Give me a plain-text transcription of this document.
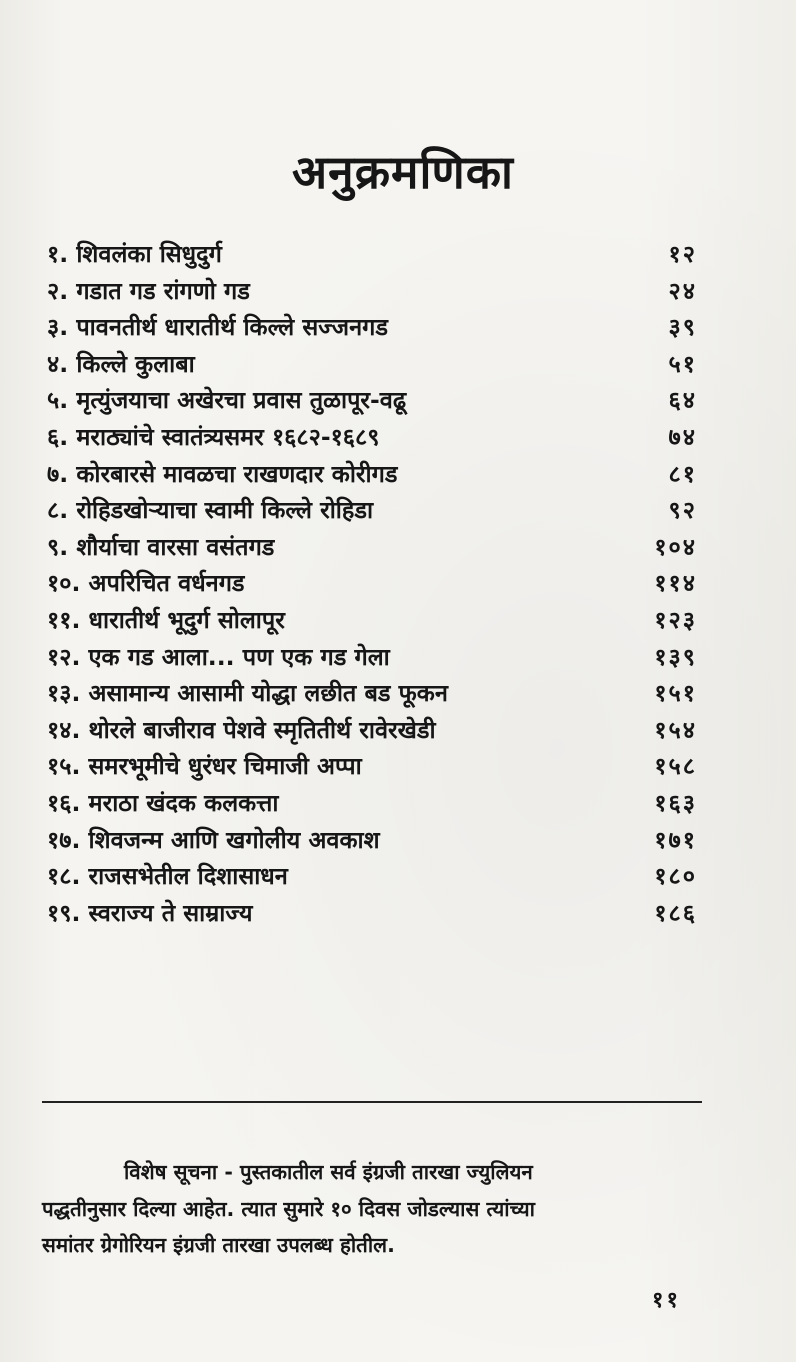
अनुक्रमणिका
१. शिवलंका सिधुदुर्ग	१२
२. गडात गड रांगणो गड	२४
३. पावनतीर्थ धारातीर्थ किल्ले सज्जनगड	३९
४. किल्ले कुलाबा	५१
५. मृत्युंजयाचा अखेरचा प्रवास तुळापूर-वढू	६४
६. मराठ्यांचे स्वातंत्र्यसमर १६८२-१६८९	७४
७. कोरबारसे मावळचा राखणदार कोरीगड	८१
८. रोहिडखोऱ्याचा स्वामी किल्ले रोहिडा	९२
९. शौर्याचा वारसा वसंतगड	१०४
१०. अपरिचित वर्धनगड	११४
११. धारातीर्थ भूदुर्ग सोलापूर	१२३
१२. एक गड आला... पण एक गड गेला	१३९
१३. असामान्य आसामी योद्धा लछीत बड फूकन	१५१
१४. थोरले बाजीराव पेशवे स्मृतितीर्थ रावेरखेडी	१५४
१५. समरभूमीचे धुरंधर चिमाजी अप्पा	१५८
१६. मराठा खंदक कलकत्ता	१६३
१७. शिवजन्म आणि खगोलीय अवकाश	१७१
१८. राजसभेतील दिशासाधन	१८०
१९. स्वराज्य ते साम्राज्य	१८६
विशेष सूचना - पुस्तकातील सर्व इंग्रजी तारखा ज्युलियन
पद्धतीनुसार दिल्या आहेत. त्यात सुमारे १० दिवस जोडल्यास त्यांच्या
समांतर ग्रेगोरियन इंग्रजी तारखा उपलब्ध होतील.
११
